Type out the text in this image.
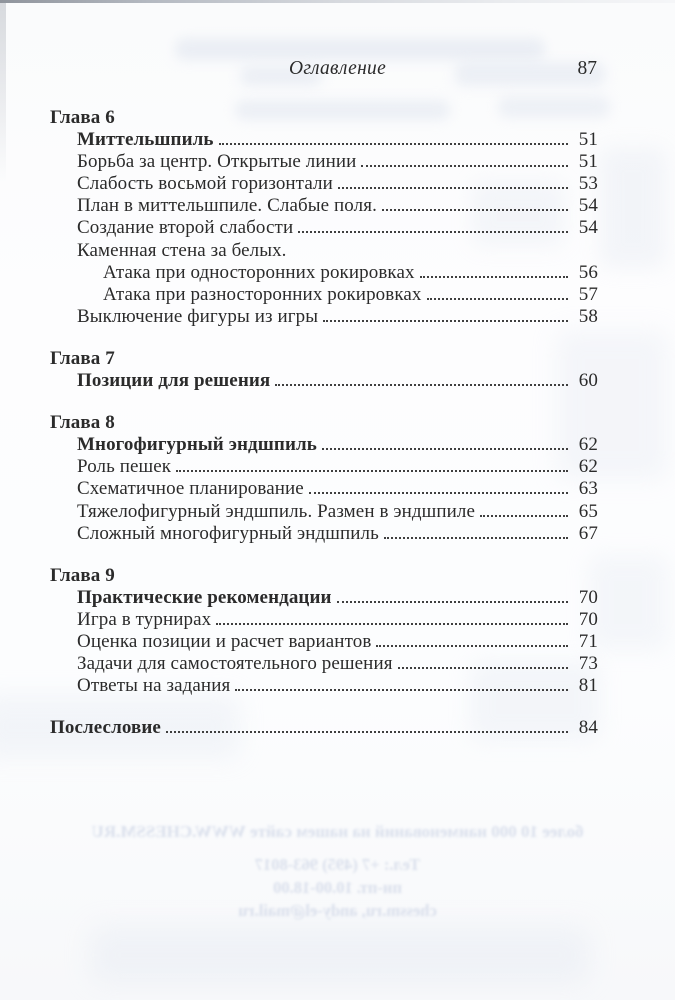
Оглавление	87
Глава 6
Миттельшпиль	51
Борьба за центр. Открытые линии	51
Слабость восьмой горизонтали	53
План в миттельшпиле. Слабые поля.	54
Создание второй слабости	54
Каменная стена за белых.
Атака при односторонних рокировках	56
Атака при разносторонних рокировках	57
Выключение фигуры из игры	58
Глава 7
Позиции для решения	60
Глава 8
Многофигурный эндшпиль	62
Роль пешек	62
Схематичное планирование	63
Тяжелофигурный эндшпиль. Размен в эндшпиле	65
Сложный многофигурный эндшпиль	67
Глава 9
Практические рекомендации	70
Игра в турнирах	70
Оценка позиции и расчет вариантов	71
Задачи для самостоятельного решения	73
Ответы на задания	81
Послесловие	84
более 10 000 наименований на нашем сайте WWW.CHESSM.RU
Тел.: +7 (495) 963-8017
пн-пт. 10.00-18.00
chessm.ru, andy-el@mail.ru
